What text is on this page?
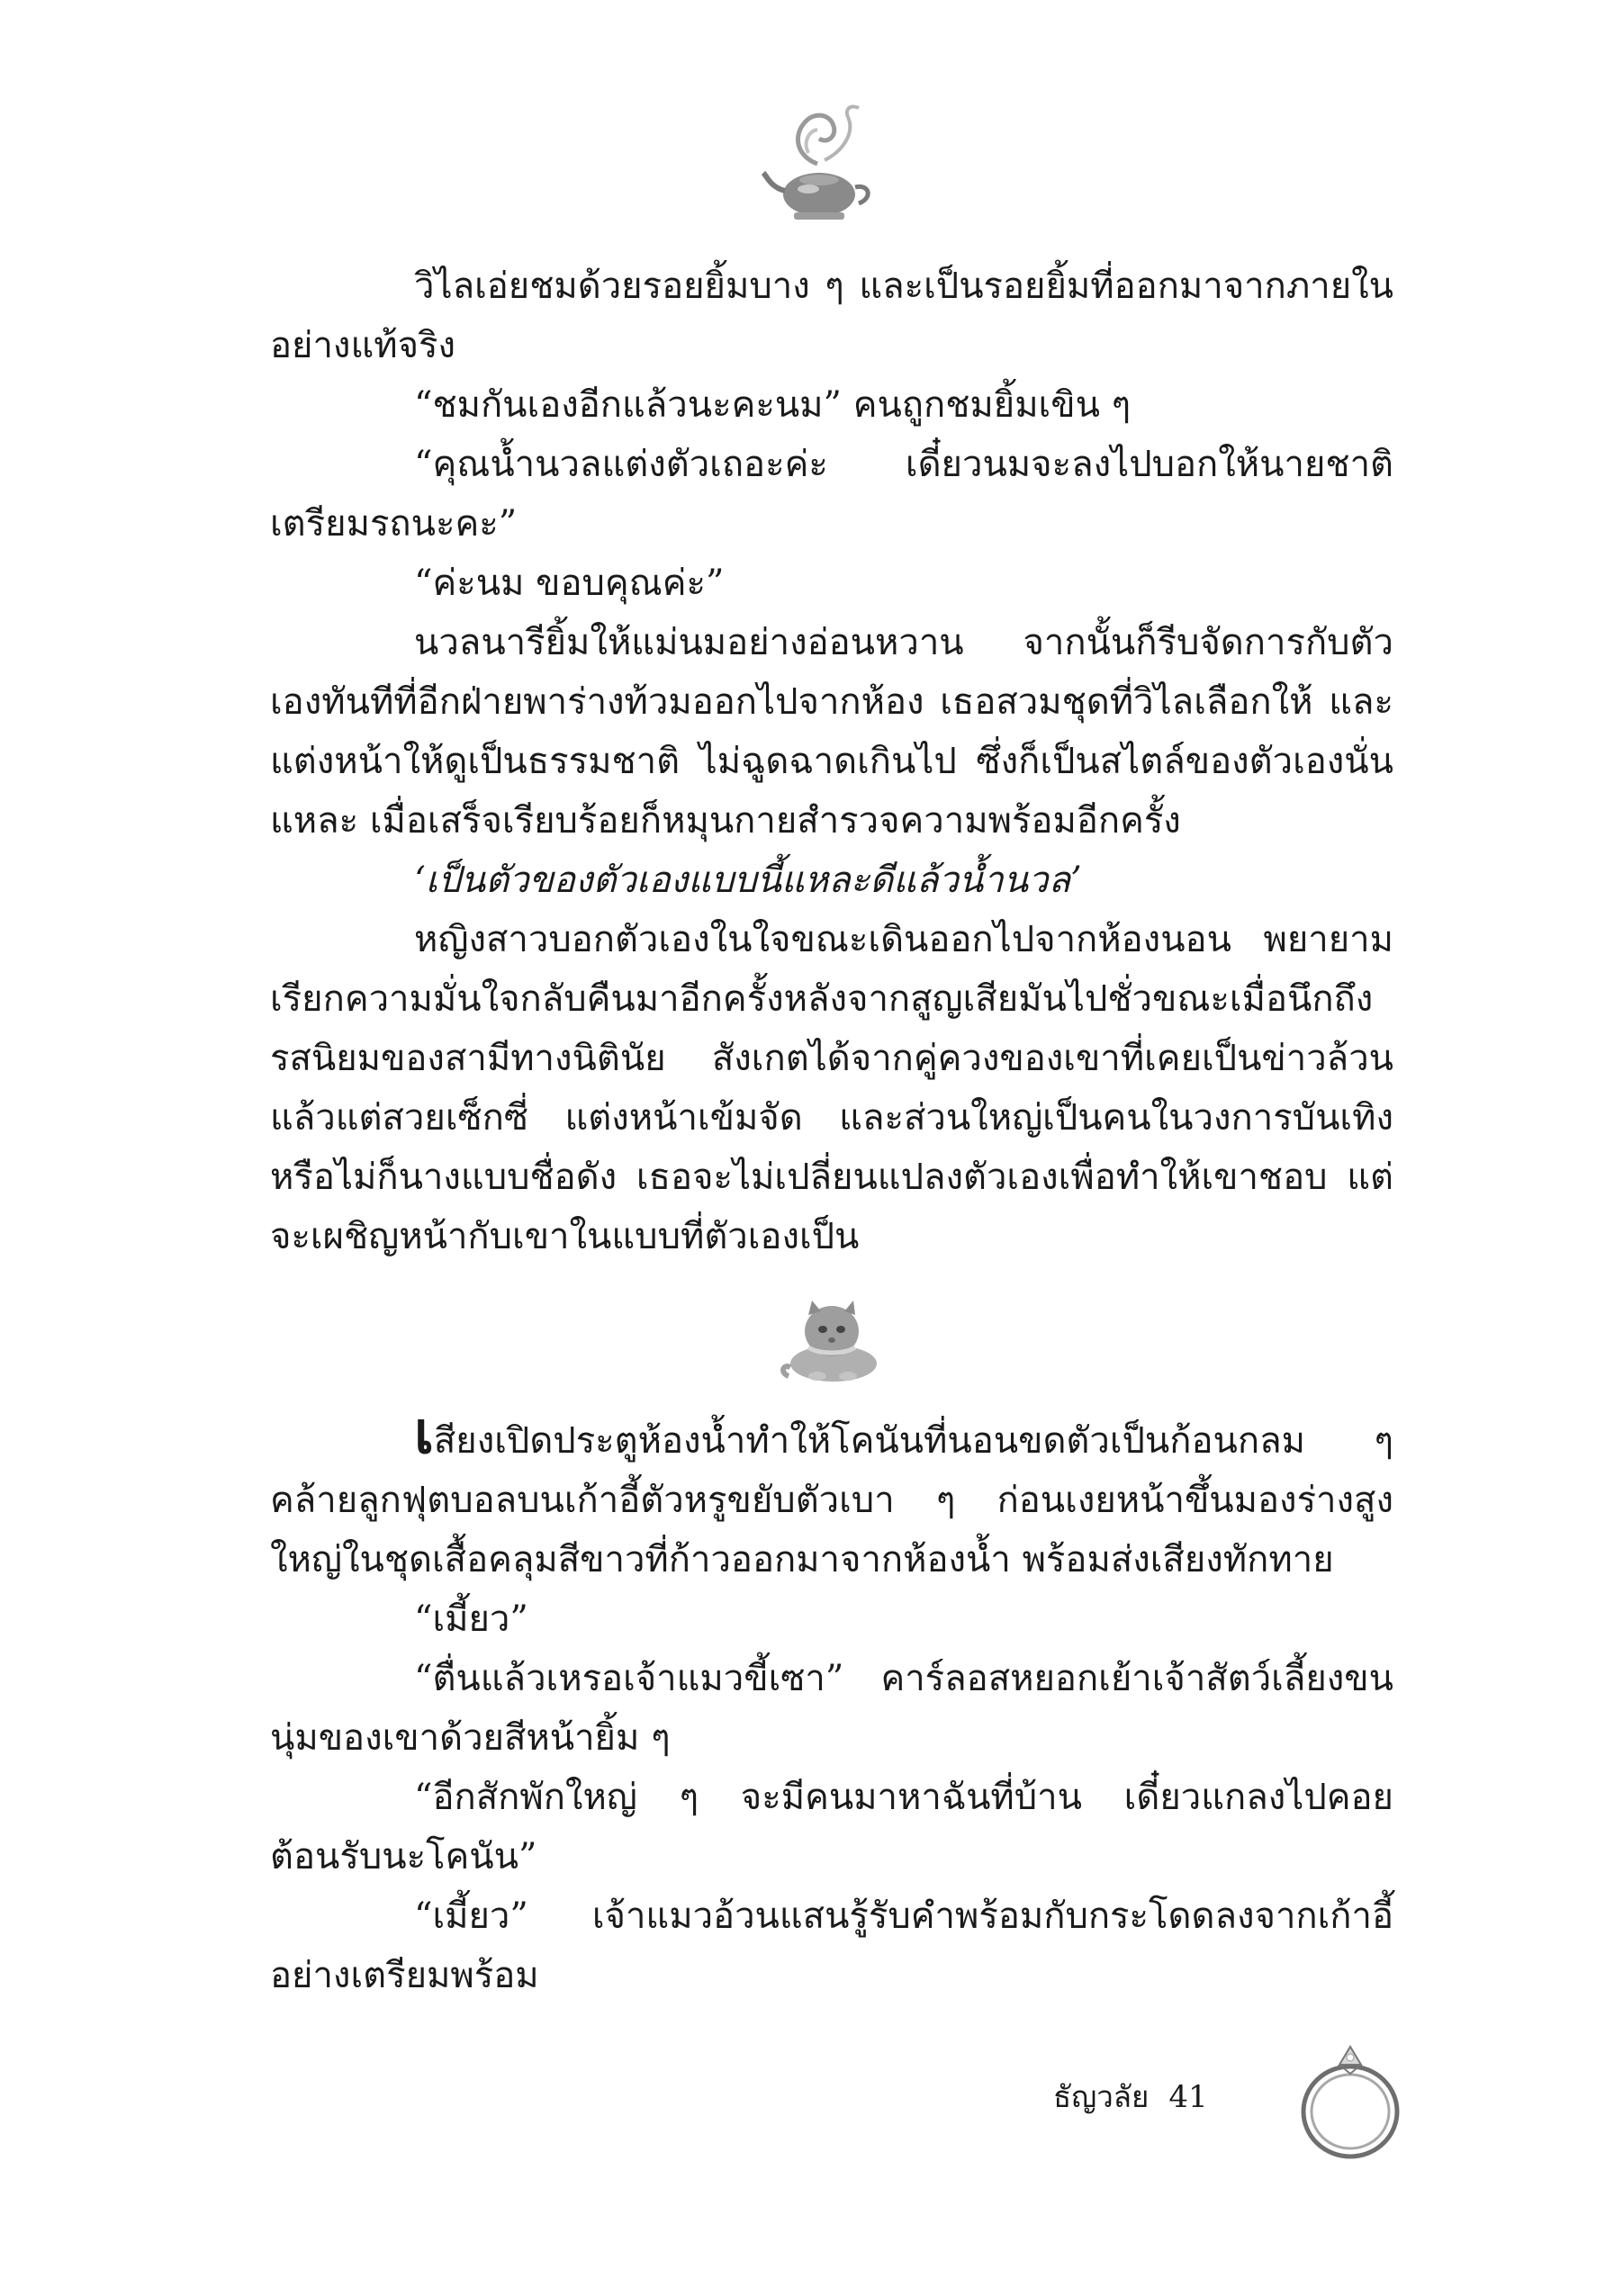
วิไลเอ่ยชมด้วยรอยยิ้มบาง ๆ และเป็นรอยยิ้มที่ออกมาจากภายในอย่างแท้จริง

“ชมกันเองอีกแล้วนะคะนม” คนถูกชมยิ้มเขิน ๆ

“คุณน้ำนวลแต่งตัวเถอะค่ะ เดี๋ยวนมจะลงไปบอกให้นายชาติเตรียมรถนะคะ”

“ค่ะนม ขอบคุณค่ะ”

นวลนารียิ้มให้แม่นมอย่างอ่อนหวาน จากนั้นก็รีบจัดการกับตัวเองทันทีที่อีกฝ่ายพาร่างท้วมออกไปจากห้อง เธอสวมชุดที่วิไลเลือกให้ และแต่งหน้าให้ดูเป็นธรรมชาติ ไม่ฉูดฉาดเกินไป ซึ่งก็เป็นสไตล์ของตัวเองนั่นแหละ เมื่อเสร็จเรียบร้อยก็หมุนกายสำรวจความพร้อมอีกครั้ง

‘เป็นตัวของตัวเองแบบนี้แหละดีแล้วน้ำนวล’

หญิงสาวบอกตัวเองในใจขณะเดินออกไปจากห้องนอน พยายามเรียกความมั่นใจกลับคืนมาอีกครั้งหลังจากสูญเสียมันไปชั่วขณะเมื่อนึกถึงรสนิยมของสามีทางนิตินัย สังเกตได้จากคู่ควงของเขาที่เคยเป็นข่าวล้วนแล้วแต่สวยเซ็กซี่ แต่งหน้าเข้มจัด และส่วนใหญ่เป็นคนในวงการบันเทิง หรือไม่ก็นางแบบชื่อดัง เธอจะไม่เปลี่ยนแปลงตัวเองเพื่อทำให้เขาชอบ แต่จะเผชิญหน้ากับเขาในแบบที่ตัวเองเป็น

เสียงเปิดประตูห้องน้ำทำให้โคนันที่นอนขดตัวเป็นก้อนกลม ๆ คล้ายลูกฟุตบอลบนเก้าอี้ตัวหรูขยับตัวเบา ๆ ก่อนเงยหน้าขึ้นมองร่างสูงใหญ่ในชุดเสื้อคลุมสีขาวที่ก้าวออกมาจากห้องน้ำ พร้อมส่งเสียงทักทาย

“เมี้ยว”

“ตื่นแล้วเหรอเจ้าแมวขี้เซา” คาร์ลอสหยอกเย้าเจ้าสัตว์เลี้ยงขนนุ่มของเขาด้วยสีหน้ายิ้ม ๆ

“อีกสักพักใหญ่ ๆ จะมีคนมาหาฉันที่บ้าน เดี๋ยวแกลงไปคอยต้อนรับนะโคนัน”

“เมี้ยว” เจ้าแมวอ้วนแสนรู้รับคำพร้อมกับกระโดดลงจากเก้าอี้อย่างเตรียมพร้อม

ธัญวลัย 41
